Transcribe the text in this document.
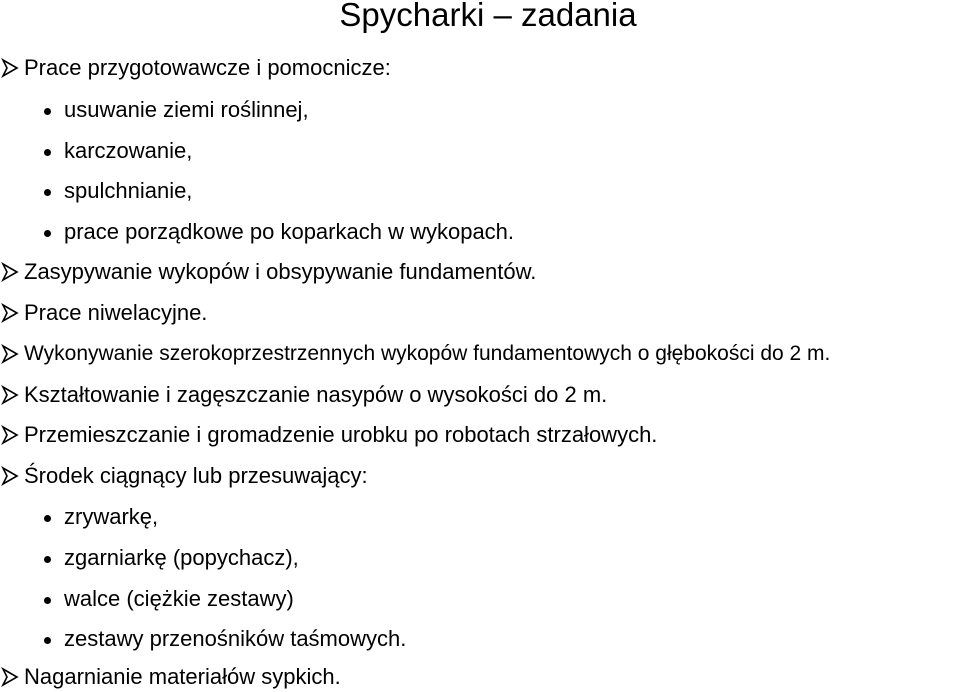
Spycharki – zadania
Prace przygotowawcze i pomocnicze:
usuwanie ziemi roślinnej,
karczowanie,
spulchnianie,
prace porządkowe po koparkach w wykopach.
Zasypywanie wykopów i obsypywanie fundamentów.
Prace niwelacyjne.
Wykonywanie szerokoprzestrzennych wykopów fundamentowych o głębokości do 2 m.
Kształtowanie i zagęszczanie nasypów o wysokości do 2 m.
Przemieszczanie i gromadzenie urobku po robotach strzałowych.
Środek ciągnący lub przesuwający:
zrywarkę,
zgarniarkę (popychacz),
walce (ciężkie zestawy)
zestawy przenośników taśmowych.
Nagarnianie materiałów sypkich.
